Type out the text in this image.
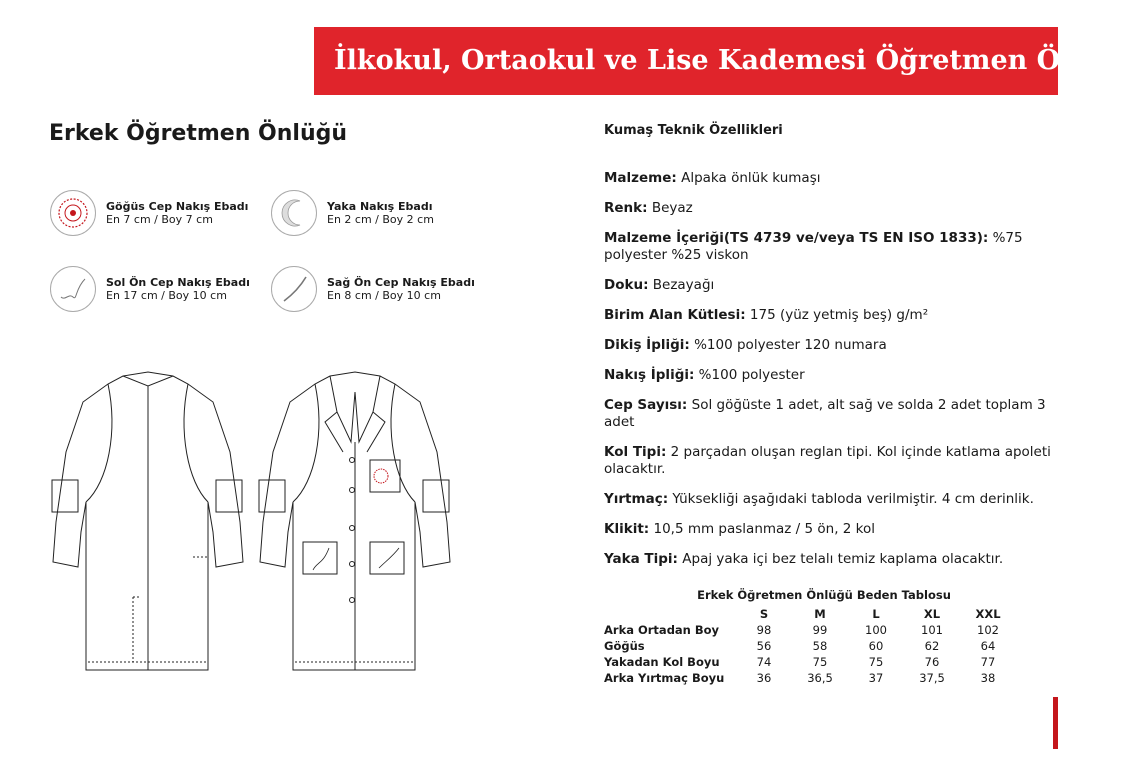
İlkokul, Ortaokul ve Lise Kademesi Öğretmen Önlüğü
Erkek Öğretmen Önlüğü
Göğüs Cep Nakış Ebadı
En 7 cm / Boy 7 cm
Yaka Nakış Ebadı
En 2 cm / Boy 2 cm
Sol Ön Cep Nakış Ebadı
En 17 cm / Boy 10 cm
Sağ Ön Cep Nakış Ebadı
En 8 cm / Boy 10 cm
Kumaş Teknik Özellikleri
Malzeme: Alpaka önlük kumaşı
Renk: Beyaz
Malzeme İçeriği(TS 4739 ve/veya TS EN ISO 1833): %75 polyester %25 viskon
Doku: Bezayağı
Birim Alan Kütlesi: 175 (yüz yetmiş beş) g/m²
Dikiş İpliği: %100 polyester 120 numara
Nakış İpliği: %100 polyester
Cep Sayısı: Sol göğüste 1 adet, alt sağ ve solda 2 adet toplam 3 adet
Kol Tipi: 2 parçadan oluşan reglan tipi. Kol içinde katlama apoleti olacaktır.
Yırtmaç: Yüksekliği aşağıdaki tabloda verilmiştir. 4 cm derinlik.
Klikit: 10,5 mm paslanmaz / 5 ön, 2 kol
Yaka Tipi: Apaj yaka içi bez telalı temiz kaplama olacaktır.
Erkek Öğretmen Önlüğü Beden Tablosu
	S	M	L	XL	XXL
Arka Ortadan Boy	98	99	100	101	102
Göğüs	56	58	60	62	64
Yakadan Kol Boyu	74	75	75	76	77
Arka Yırtmaç Boyu	36	36,5	37	37,5	38
